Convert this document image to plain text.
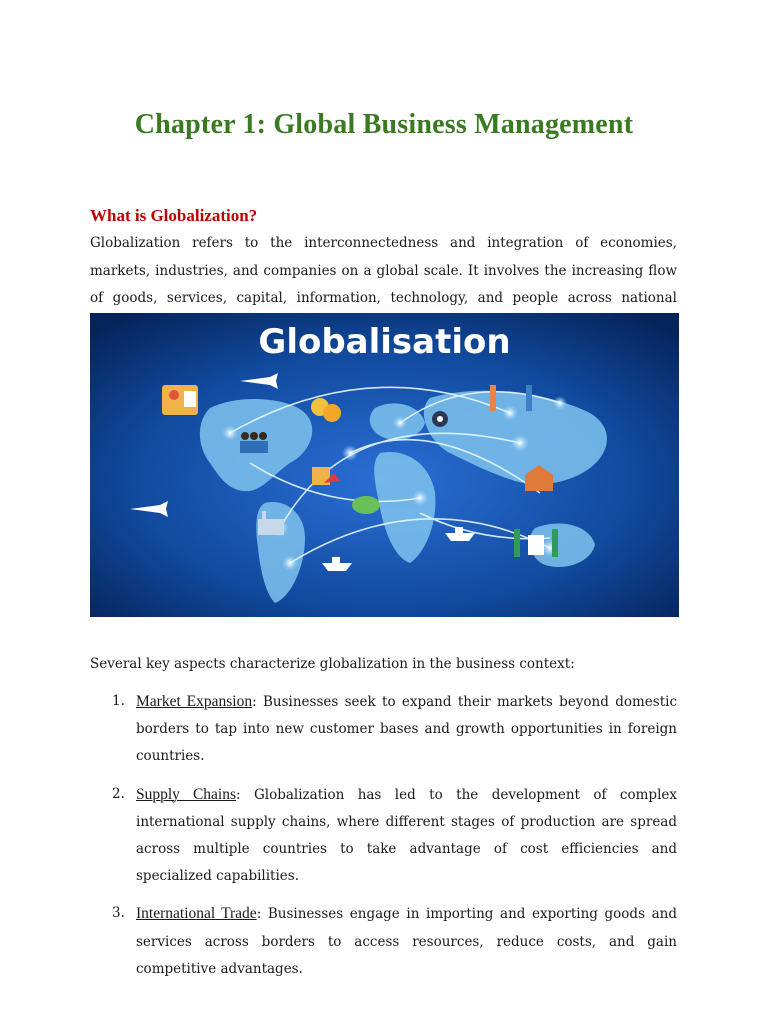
Chapter 1: Global Business Management
What is Globalization?

Globalization refers to the interconnectedness and integration of economies, markets, industries, and companies on a global scale. It involves the increasing flow of goods, services, capital, information, technology, and people across national

Globalisation

Several key aspects characterize globalization in the business context:

1. Market Expansion: Businesses seek to expand their markets beyond domestic borders to tap into new customer bases and growth opportunities in foreign countries.
2. Supply Chains: Globalization has led to the development of complex international supply chains, where different stages of production are spread across multiple countries to take advantage of cost efficiencies and specialized capabilities.
3. International Trade: Businesses engage in importing and exporting goods and services across borders to access resources, reduce costs, and gain competitive advantages.
